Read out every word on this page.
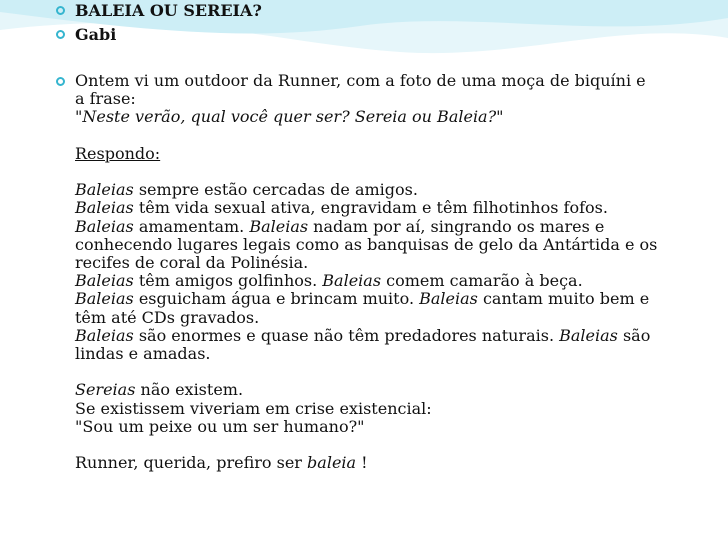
BALEIA OU SEREIA?
Gabi
Ontem vi um outdoor da Runner, com a foto de uma moça de biquíni e
a frase:
"Neste verão, qual você quer ser? Sereia ou Baleia?"
Respondo:
Baleias sempre estão cercadas de amigos.
Baleias têm vida sexual ativa, engravidam e têm filhotinhos fofos.
Baleias amamentam. Baleias nadam por aí, singrando os mares e
conhecendo lugares legais como as banquisas de gelo da Antártida e os
recifes de coral da Polinésia.
Baleias têm amigos golfinhos. Baleias comem camarão à beça.
Baleias esguicham água e brincam muito. Baleias cantam muito bem e
têm até CDs gravados.
Baleias são enormes e quase não têm predadores naturais. Baleias são
lindas e amadas.
Sereias não existem.
Se existissem viveriam em crise existencial:
"Sou um peixe ou um ser humano?"
Runner, querida, prefiro ser baleia !
